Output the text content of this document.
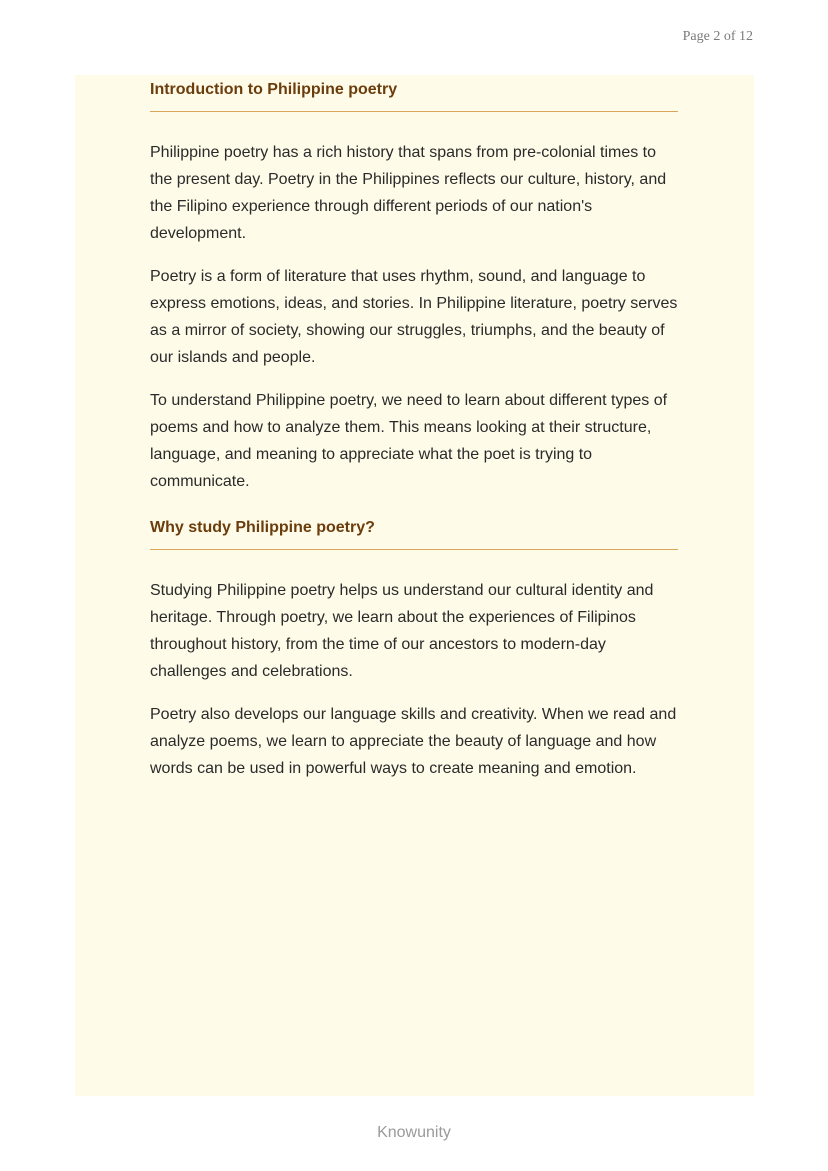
Page 2 of 12
Introduction to Philippine poetry

Philippine poetry has a rich history that spans from pre-colonial times to the present day. Poetry in the Philippines reflects our culture, history, and the Filipino experience through different periods of our nation's development.

Poetry is a form of literature that uses rhythm, sound, and language to express emotions, ideas, and stories. In Philippine literature, poetry serves as a mirror of society, showing our struggles, triumphs, and the beauty of our islands and people.

To understand Philippine poetry, we need to learn about different types of poems and how to analyze them. This means looking at their structure, language, and meaning to appreciate what the poet is trying to communicate.

Why study Philippine poetry?

Studying Philippine poetry helps us understand our cultural identity and heritage. Through poetry, we learn about the experiences of Filipinos throughout history, from the time of our ancestors to modern-day challenges and celebrations.

Poetry also develops our language skills and creativity. When we read and analyze poems, we learn to appreciate the beauty of language and how words can be used in powerful ways to create meaning and emotion.

Knowunity
